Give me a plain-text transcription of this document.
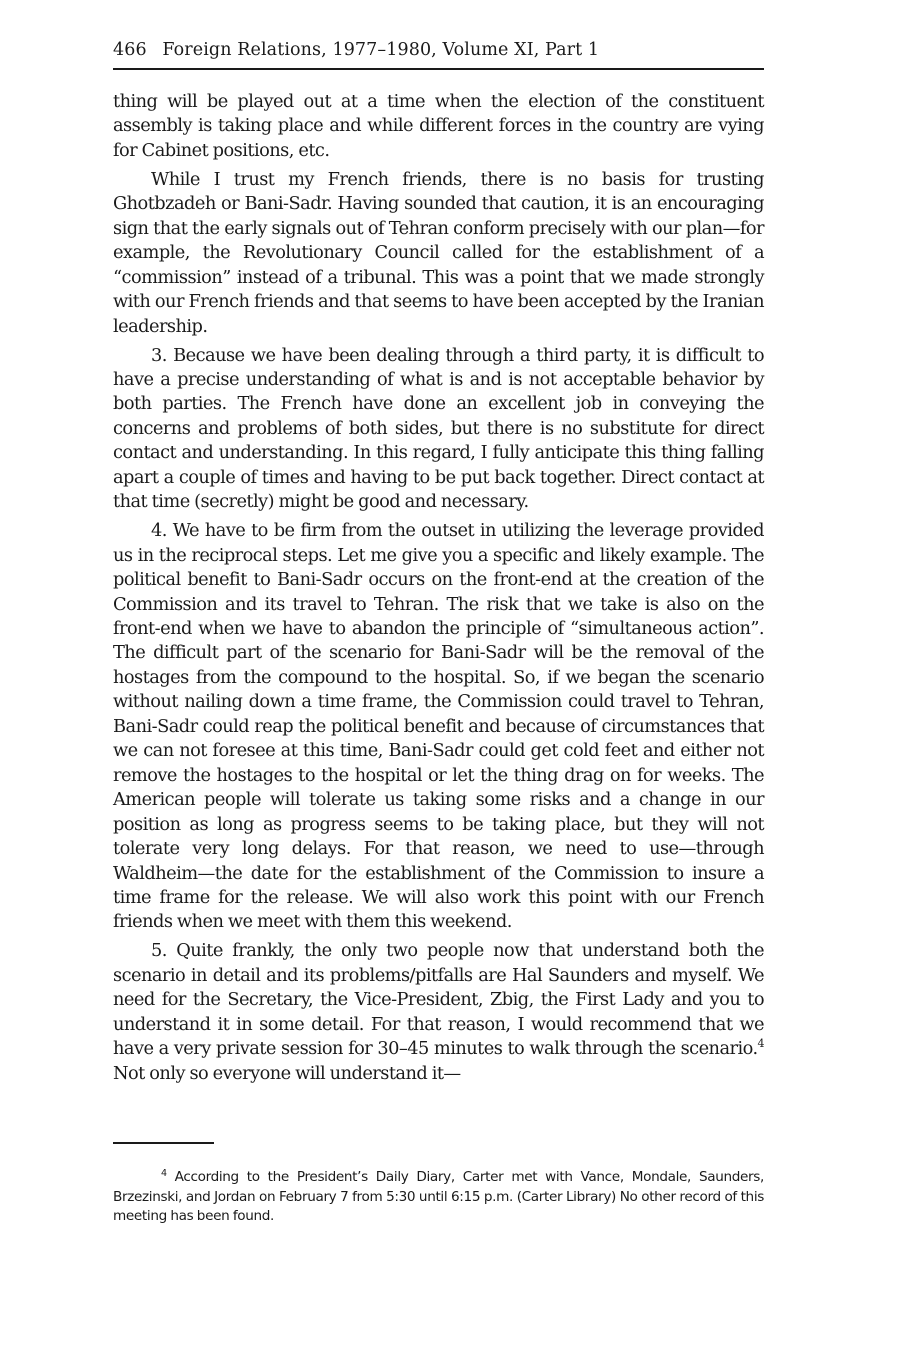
466 Foreign Relations, 1977–1980, Volume XI, Part 1

thing will be played out at a time when the election of the constituent assembly is taking place and while different forces in the country are vying for Cabinet positions, etc.

While I trust my French friends, there is no basis for trusting Ghotbzadeh or Bani-Sadr. Having sounded that caution, it is an encouraging sign that the early signals out of Tehran conform precisely with our plan—for example, the Revolutionary Council called for the establishment of a “commission” instead of a tribunal. This was a point that we made strongly with our French friends and that seems to have been accepted by the Iranian leadership.

3. Because we have been dealing through a third party, it is difficult to have a precise understanding of what is and is not acceptable behavior by both parties. The French have done an excellent job in conveying the concerns and problems of both sides, but there is no substitute for direct contact and understanding. In this regard, I fully anticipate this thing falling apart a couple of times and having to be put back together. Direct contact at that time (secretly) might be good and necessary.

4. We have to be firm from the outset in utilizing the leverage provided us in the reciprocal steps. Let me give you a specific and likely example. The political benefit to Bani-Sadr occurs on the front-end at the creation of the Commission and its travel to Tehran. The risk that we take is also on the front-end when we have to abandon the principle of “simultaneous action”. The difficult part of the scenario for Bani-Sadr will be the removal of the hostages from the compound to the hospital. So, if we began the scenario without nailing down a time frame, the Commission could travel to Tehran, Bani-Sadr could reap the political benefit and because of circumstances that we can not foresee at this time, Bani-Sadr could get cold feet and either not remove the hostages to the hospital or let the thing drag on for weeks. The American people will tolerate us taking some risks and a change in our position as long as progress seems to be taking place, but they will not tolerate very long delays. For that reason, we need to use—through Waldheim—the date for the establishment of the Commission to insure a time frame for the release. We will also work this point with our French friends when we meet with them this weekend.

5. Quite frankly, the only two people now that understand both the scenario in detail and its problems/pitfalls are Hal Saunders and myself. We need for the Secretary, the Vice-President, Zbig, the First Lady and you to understand it in some detail. For that reason, I would recommend that we have a very private session for 30–45 minutes to walk through the scenario.$^4$ Not only so everyone will understand it—

$^4$ According to the President’s Daily Diary, Carter met with Vance, Mondale, Saunders, Brzezinski, and Jordan on February 7 from 5:30 until 6:15 p.m. (Carter Library) No other record of this meeting has been found.
